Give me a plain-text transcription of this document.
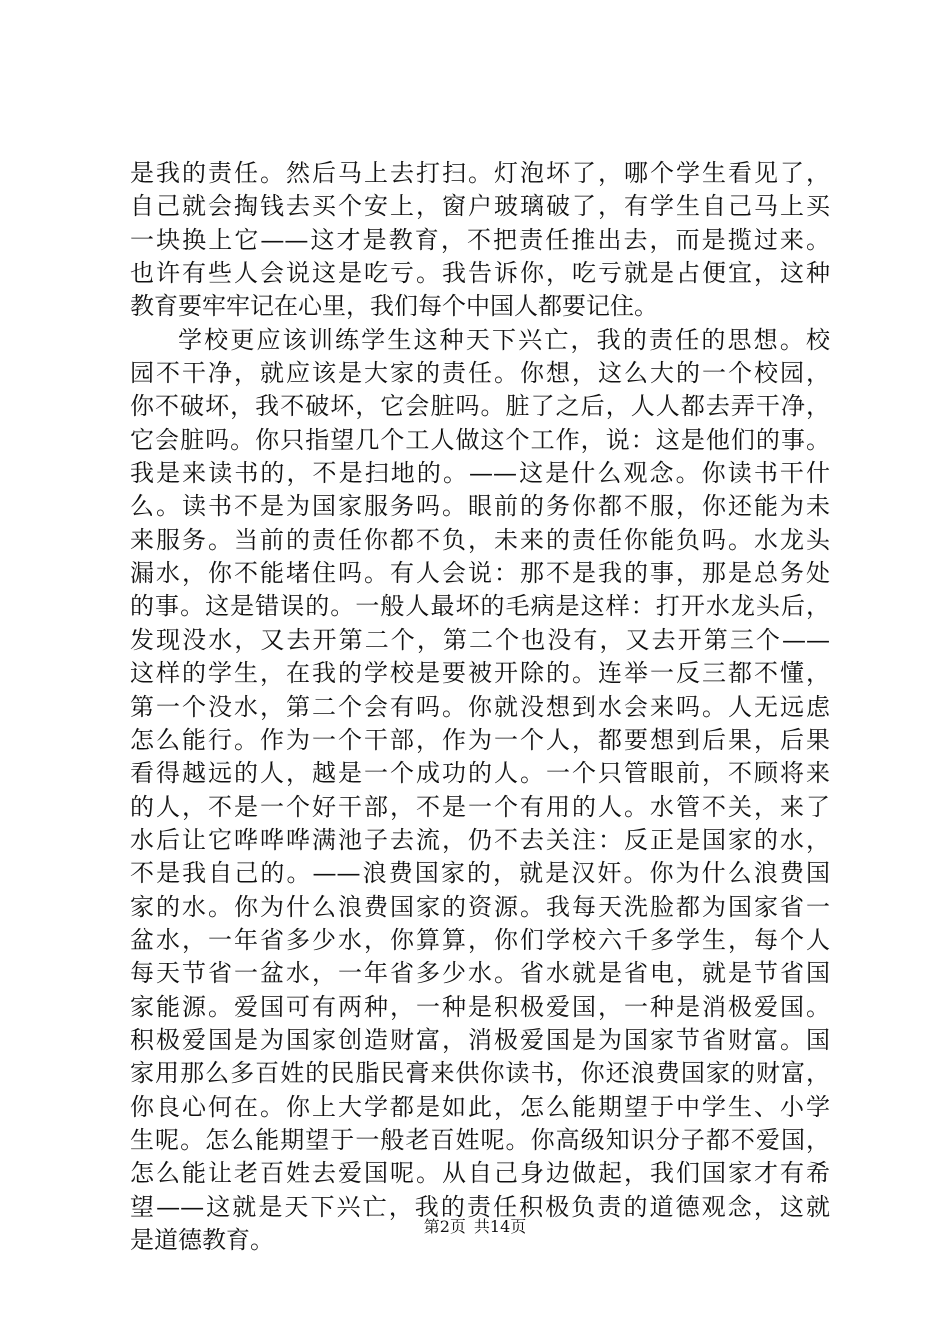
是我的责任。然后马上去打扫。灯泡坏了，哪个学生看见了，
自己就会掏钱去买个安上，窗户玻璃破了，有学生自己马上买
一块换上它——这才是教育，不把责任推出去，而是揽过来。
也许有些人会说这是吃亏。我告诉你，吃亏就是占便宜，这种
教育要牢牢记在心里，我们每个中国人都要记住。
学校更应该训练学生这种天下兴亡，我的责任的思想。校
园不干净，就应该是大家的责任。你想，这么大的一个校园，
你不破坏，我不破坏，它会脏吗。脏了之后，人人都去弄干净，
它会脏吗。你只指望几个工人做这个工作，说：这是他们的事。
我是来读书的，不是扫地的。——这是什么观念。你读书干什
么。读书不是为国家服务吗。眼前的务你都不服，你还能为未
来服务。当前的责任你都不负，未来的责任你能负吗。水龙头
漏水，你不能堵住吗。有人会说：那不是我的事，那是总务处
的事。这是错误的。一般人最坏的毛病是这样：打开水龙头后，
发现没水，又去开第二个，第二个也没有，又去开第三个——
这样的学生，在我的学校是要被开除的。连举一反三都不懂，
第一个没水，第二个会有吗。你就没想到水会来吗。人无远虑
怎么能行。作为一个干部，作为一个人，都要想到后果，后果
看得越远的人，越是一个成功的人。一个只管眼前，不顾将来
的人，不是一个好干部，不是一个有用的人。水管不关，来了
水后让它哗哗哗满池子去流，仍不去关注：反正是国家的水，
不是我自己的。——浪费国家的，就是汉奸。你为什么浪费国
家的水。你为什么浪费国家的资源。我每天洗脸都为国家省一
盆水，一年省多少水，你算算，你们学校六千多学生，每个人
每天节省一盆水，一年省多少水。省水就是省电，就是节省国
家能源。爱国可有两种，一种是积极爱国，一种是消极爱国。
积极爱国是为国家创造财富，消极爱国是为国家节省财富。国
家用那么多百姓的民脂民膏来供你读书，你还浪费国家的财富，
你良心何在。你上大学都是如此，怎么能期望于中学生、小学
生呢。怎么能期望于一般老百姓呢。你高级知识分子都不爱国，
怎么能让老百姓去爱国呢。从自己身边做起，我们国家才有希
望——这就是天下兴亡，我的责任积极负责的道德观念，这就
是道德教育。	第2页 共14页
